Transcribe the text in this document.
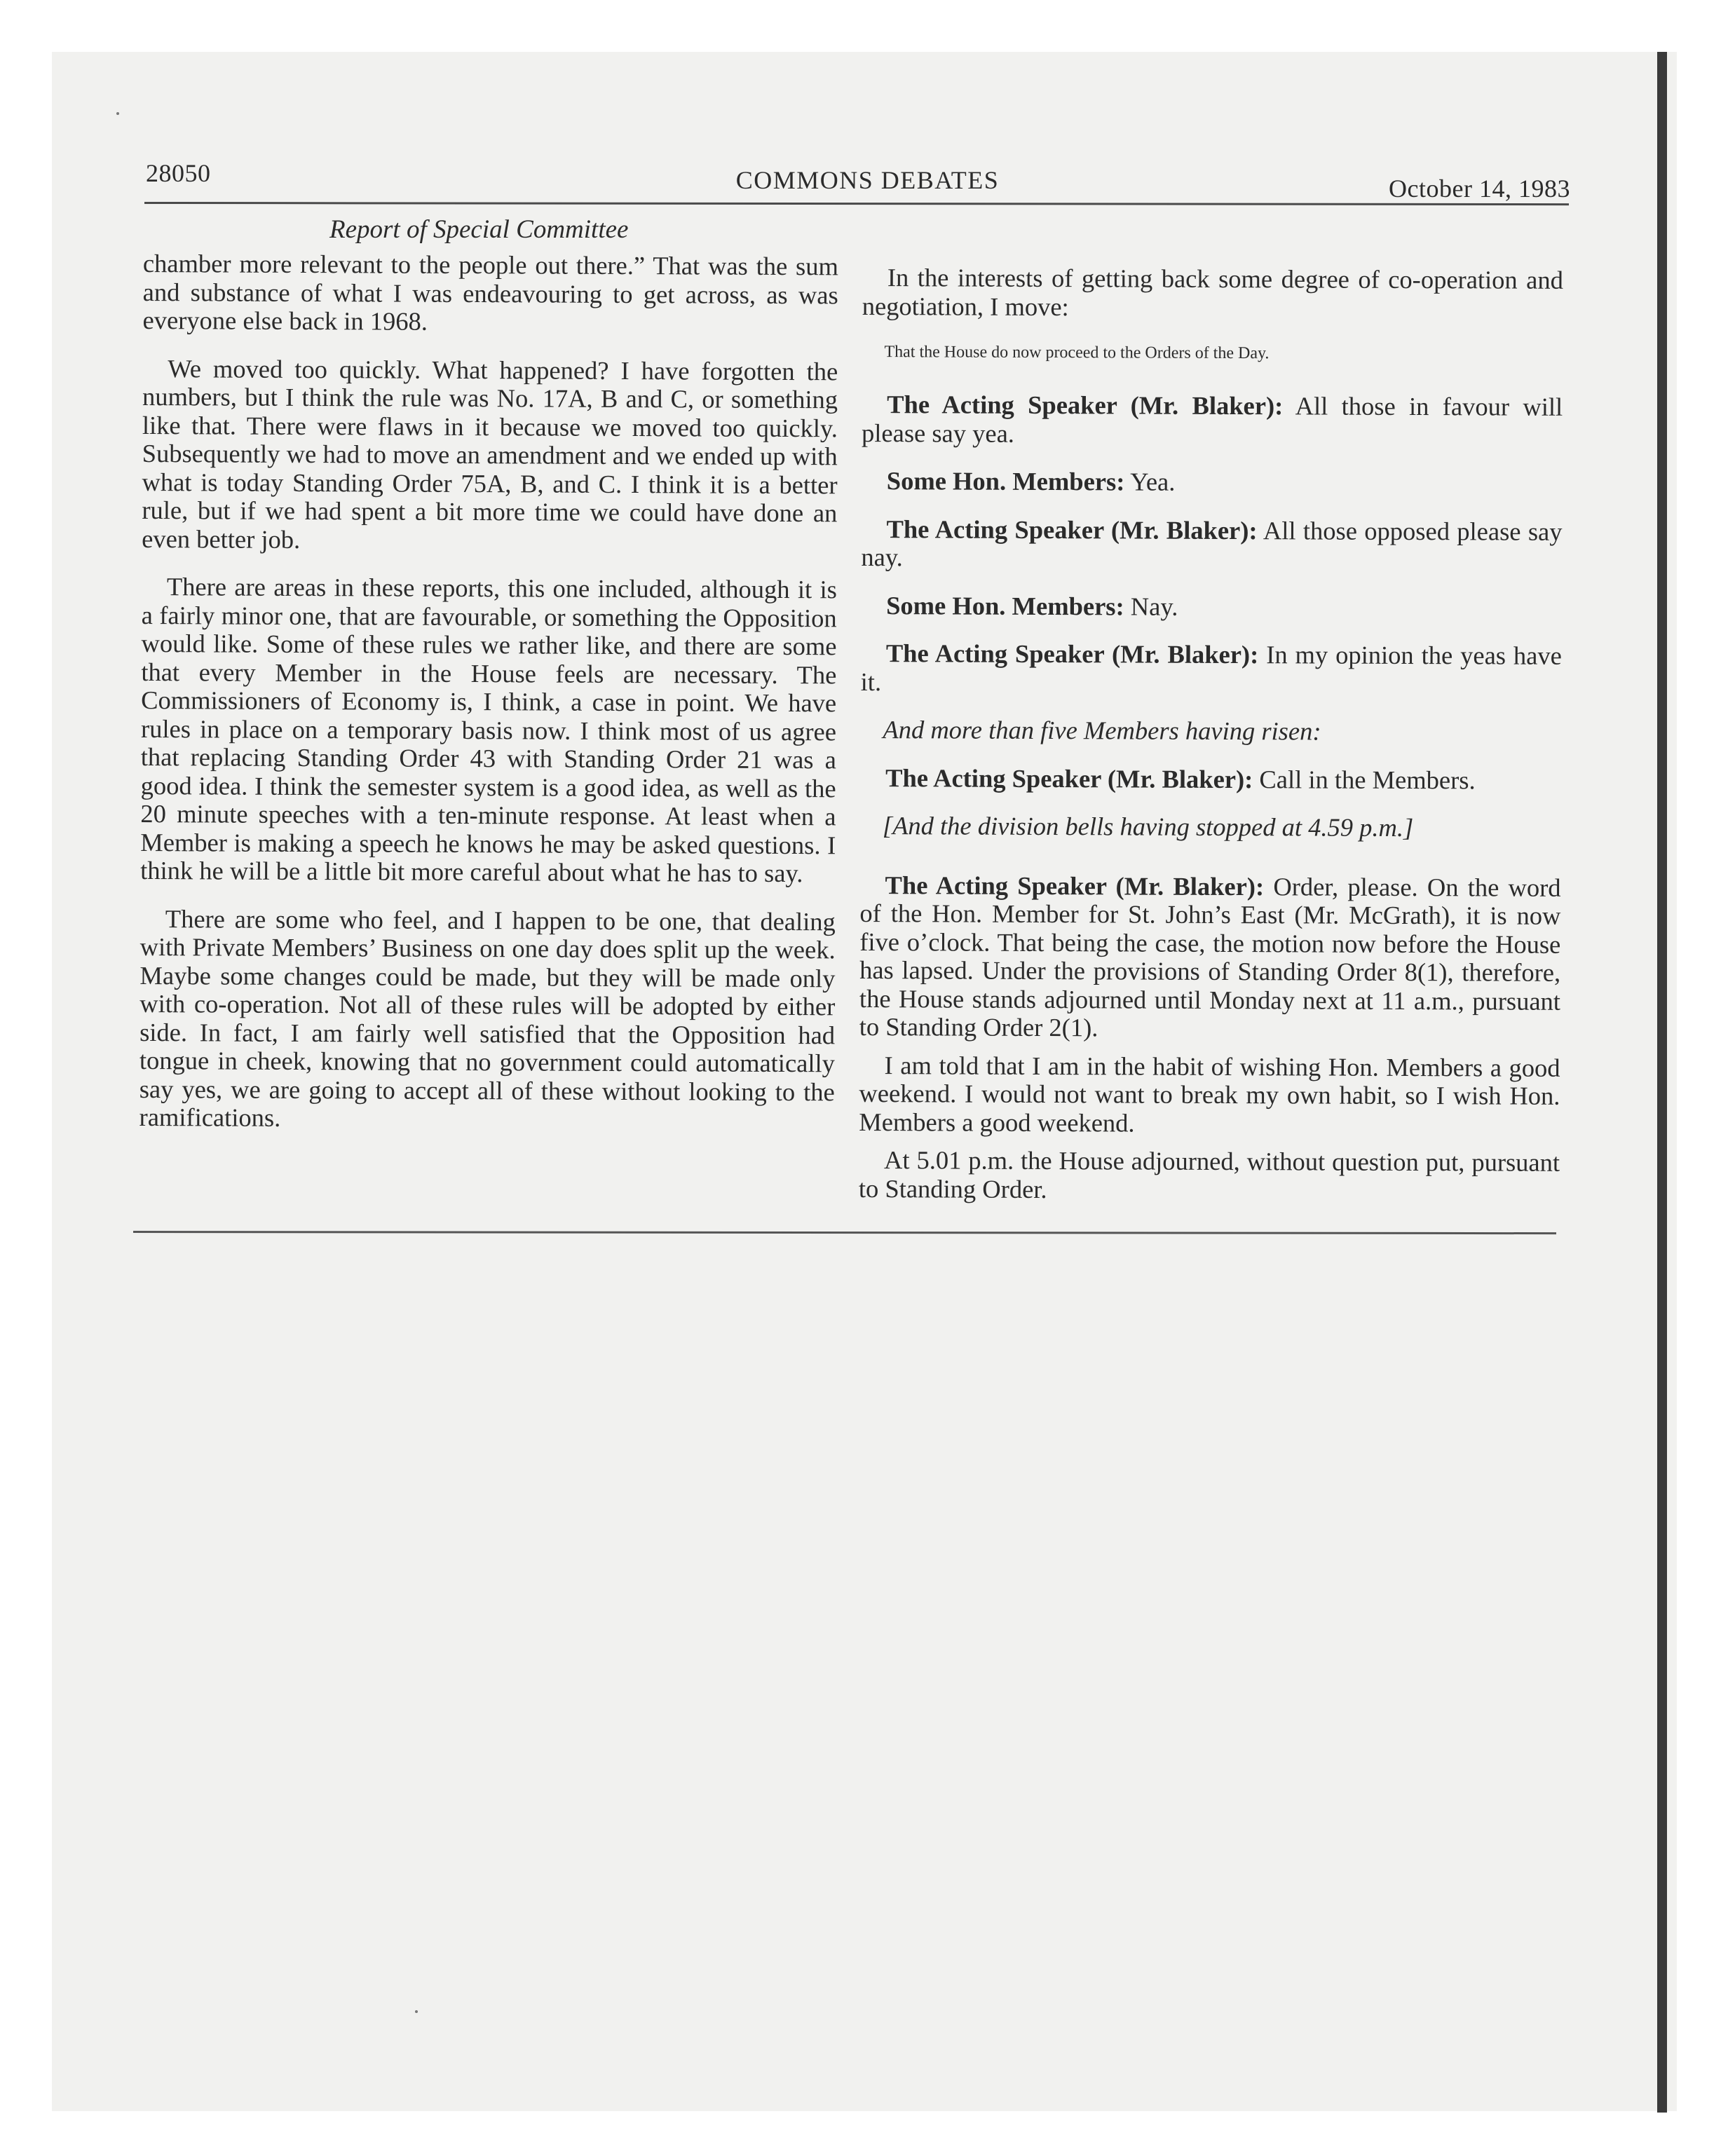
28050	COMMONS DEBATES	October 14, 1983
Report of Special Committee

chamber more relevant to the people out there.” That was the sum and substance of what I was endeavouring to get across, as was everyone else back in 1968.

We moved too quickly. What happened? I have forgotten the numbers, but I think the rule was No. 17A, B and C, or something like that. There were flaws in it because we moved too quickly. Subsequently we had to move an amendment and we ended up with what is today Standing Order 75A, B, and C. I think it is a better rule, but if we had spent a bit more time we could have done an even better job.

There are areas in these reports, this one included, although it is a fairly minor one, that are favourable, or something the Opposition would like. Some of these rules we rather like, and there are some that every Member in the House feels are necessary. The Commissioners of Economy is, I think, a case in point. We have rules in place on a temporary basis now. I think most of us agree that replacing Standing Order 43 with Standing Order 21 was a good idea. I think the semester system is a good idea, as well as the 20 minute speeches with a ten-minute response. At least when a Member is making a speech he knows he may be asked questions. I think he will be a little bit more careful about what he has to say.

There are some who feel, and I happen to be one, that dealing with Private Members’ Business on one day does split up the week. Maybe some changes could be made, but they will be made only with co-operation. Not all of these rules will be adopted by either side. In fact, I am fairly well satisfied that the Opposition had tongue in cheek, knowing that no government could automatically say yes, we are going to accept all of these without looking to the ramifications.

In the interests of getting back some degree of co-operation and negotiation, I move:

That the House do now proceed to the Orders of the Day.

The Acting Speaker (Mr. Blaker): All those in favour will please say yea.

Some Hon. Members: Yea.

The Acting Speaker (Mr. Blaker): All those opposed please say nay.

Some Hon. Members: Nay.

The Acting Speaker (Mr. Blaker): In my opinion the yeas have it.

And more than five Members having risen:

The Acting Speaker (Mr. Blaker): Call in the Members.

[And the division bells having stopped at 4.59 p.m.]

The Acting Speaker (Mr. Blaker): Order, please. On the word of the Hon. Member for St. John’s East (Mr. McGrath), it is now five o’clock. That being the case, the motion now before the House has lapsed. Under the provisions of Standing Order 8(1), therefore, the House stands adjourned until Monday next at 11 a.m., pursuant to Standing Order 2(1).

I am told that I am in the habit of wishing Hon. Members a good weekend. I would not want to break my own habit, so I wish Hon. Members a good weekend.

At 5.01 p.m. the House adjourned, without question put, pursuant to Standing Order.
